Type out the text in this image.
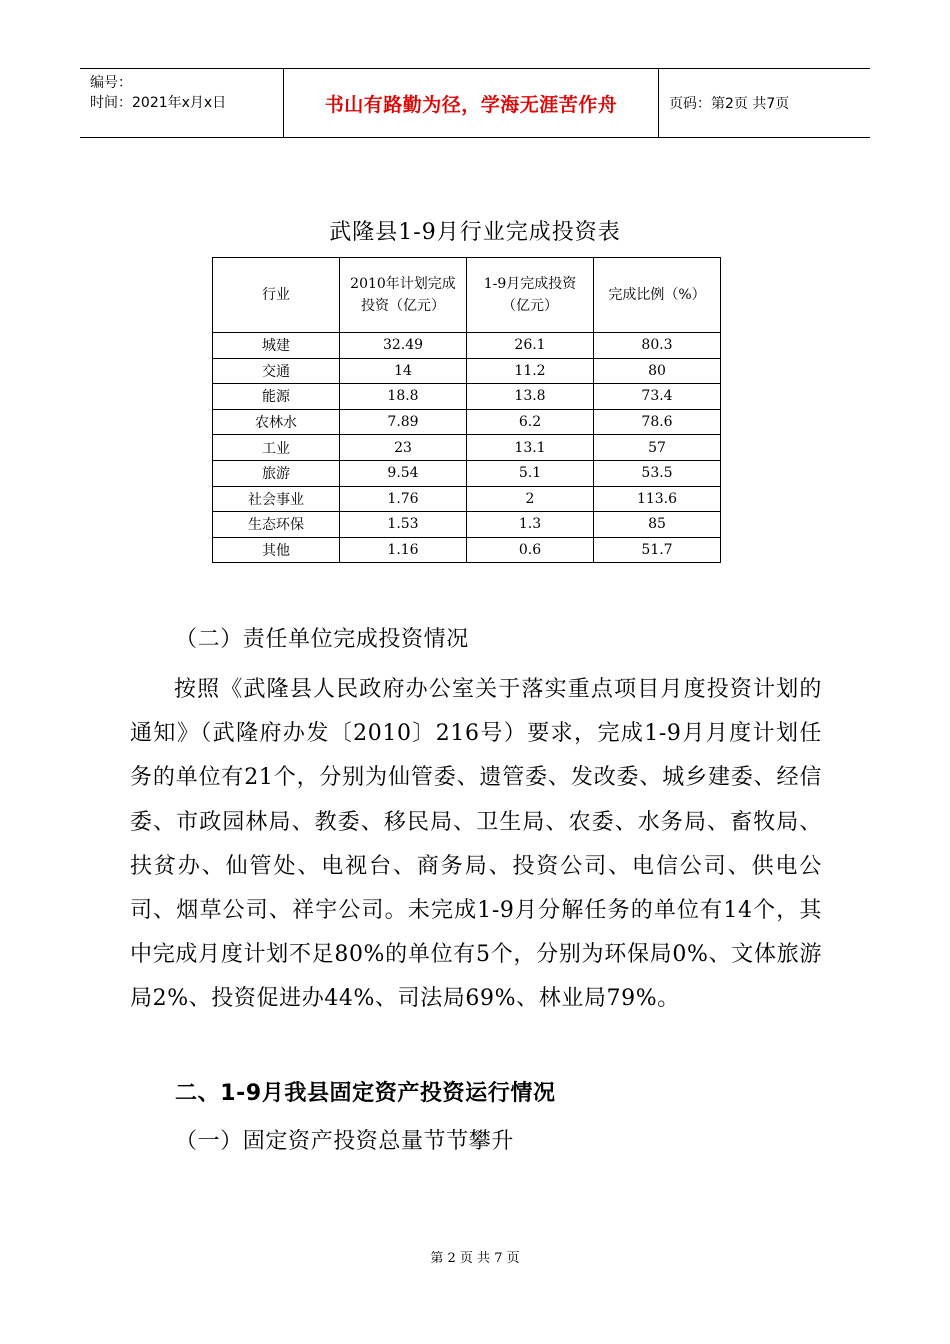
编号：
时间：2021年x月x日	书山有路勤为径，学海无涯苦作舟	页码：第2页 共7页
武隆县1-9月行业完成投资表
行业	2010年计划完成投资（亿元）	1-9月完成投资（亿元）	完成比例（%）
城建	32.49	26.1	80.3
交通	14	11.2	80
能源	18.8	13.8	73.4
农林水	7.89	6.2	78.6
工业	23	13.1	57
旅游	9.54	5.1	53.5
社会事业	1.76	2	113.6
生态环保	1.53	1.3	85
其他	1.16	0.6	51.7
（二）责任单位完成投资情况

按照《武隆县人民政府办公室关于落实重点项目月度投资计划的通知》（武隆府办发〔2010〕216号）要求，完成1-9月月度计划任务的单位有21个，分别为仙管委、遗管委、发改委、城乡建委、经信委、市政园林局、教委、移民局、卫生局、农委、水务局、畜牧局、扶贫办、仙管处、电视台、商务局、投资公司、电信公司、供电公司、烟草公司、祥宇公司。未完成1-9月分解任务的单位有14个，其中完成月度计划不足80%的单位有5个，分别为环保局0%、文体旅游局2%、投资促进办44%、司法局69%、林业局79%。

二、1-9月我县固定资产投资运行情况
（一）固定资产投资总量节节攀升
第 2 页 共 7 页
